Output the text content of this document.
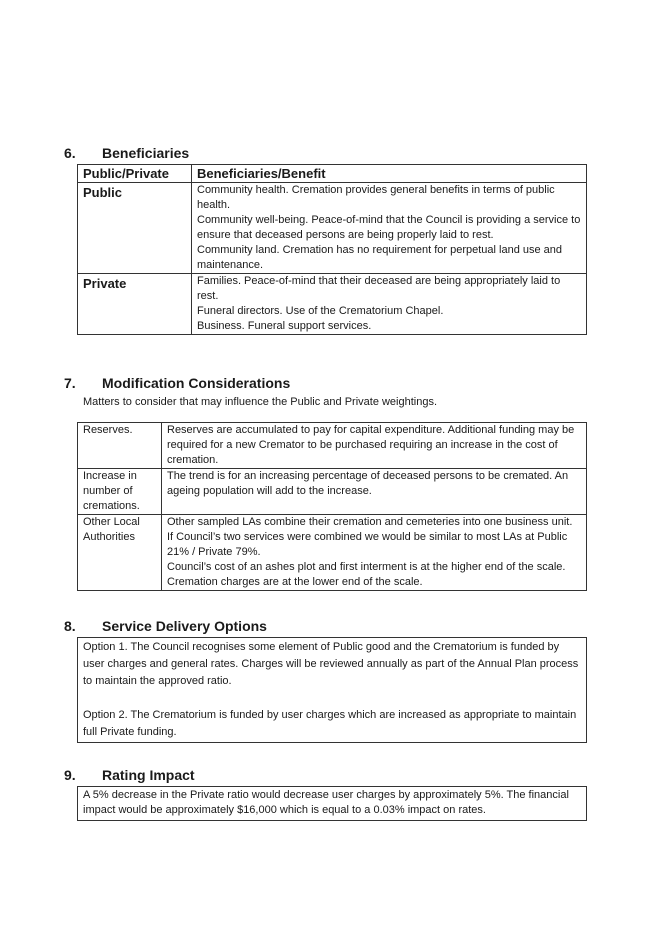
6. Beneficiaries
Public/Private	Beneficiaries/Benefit
Public	Community health. Cremation provides general benefits in terms of public health.
Community well-being. Peace-of-mind that the Council is providing a service to ensure that deceased persons are being properly laid to rest.
Community land. Cremation has no requirement for perpetual land use and maintenance.

Private	Families. Peace-of-mind that their deceased are being appropriately laid to rest.
Funeral directors. Use of the Crematorium Chapel.
Business. Funeral support services.
7. Modification Considerations

Matters to consider that may influence the Public and Private weightings.

Reserves.	Reserves are accumulated to pay for capital expenditure. Additional funding may be required for a new Cremator to be purchased requiring an increase in the cost of cremation.

Increase in number of cremations.	The trend is for an increasing percentage of deceased persons to be cremated. An ageing population will add to the increase.

Other Local Authorities	Other sampled LAs combine their cremation and cemeteries into one business unit.
If Council’s two services were combined we would be similar to most LAs at Public 21% / Private 79%.
Council’s cost of an ashes plot and first interment is at the higher end of the scale.
Cremation charges are at the lower end of the scale.
8. Service Delivery Options

Option 1. The Council recognises some element of Public good and the Crematorium is funded by user charges and general rates. Charges will be reviewed annually as part of the Annual Plan process to maintain the approved ratio.

Option 2. The Crematorium is funded by user charges which are increased as appropriate to maintain full Private funding.

9. Rating Impact

A 5% decrease in the Private ratio would decrease user charges by approximately 5%. The financial impact would be approximately $16,000 which is equal to a 0.03% impact on rates.
